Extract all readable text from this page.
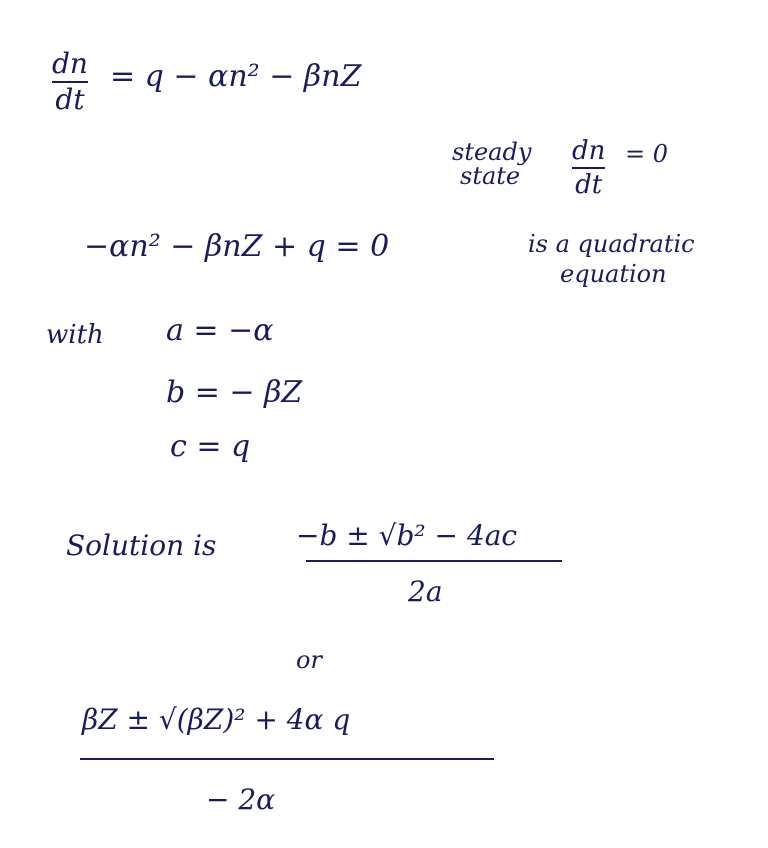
dn
dt
= q − αn² − βnZ
steady
state
dn
dt
= 0
−αn² − βnZ + q = 0	is a quadratic
equation
with a = −α
b = − βZ
c = q
Solution is	−b ± √b² − 4ac
2a
or
βZ ± √(βZ)² + 4α q
− 2α
